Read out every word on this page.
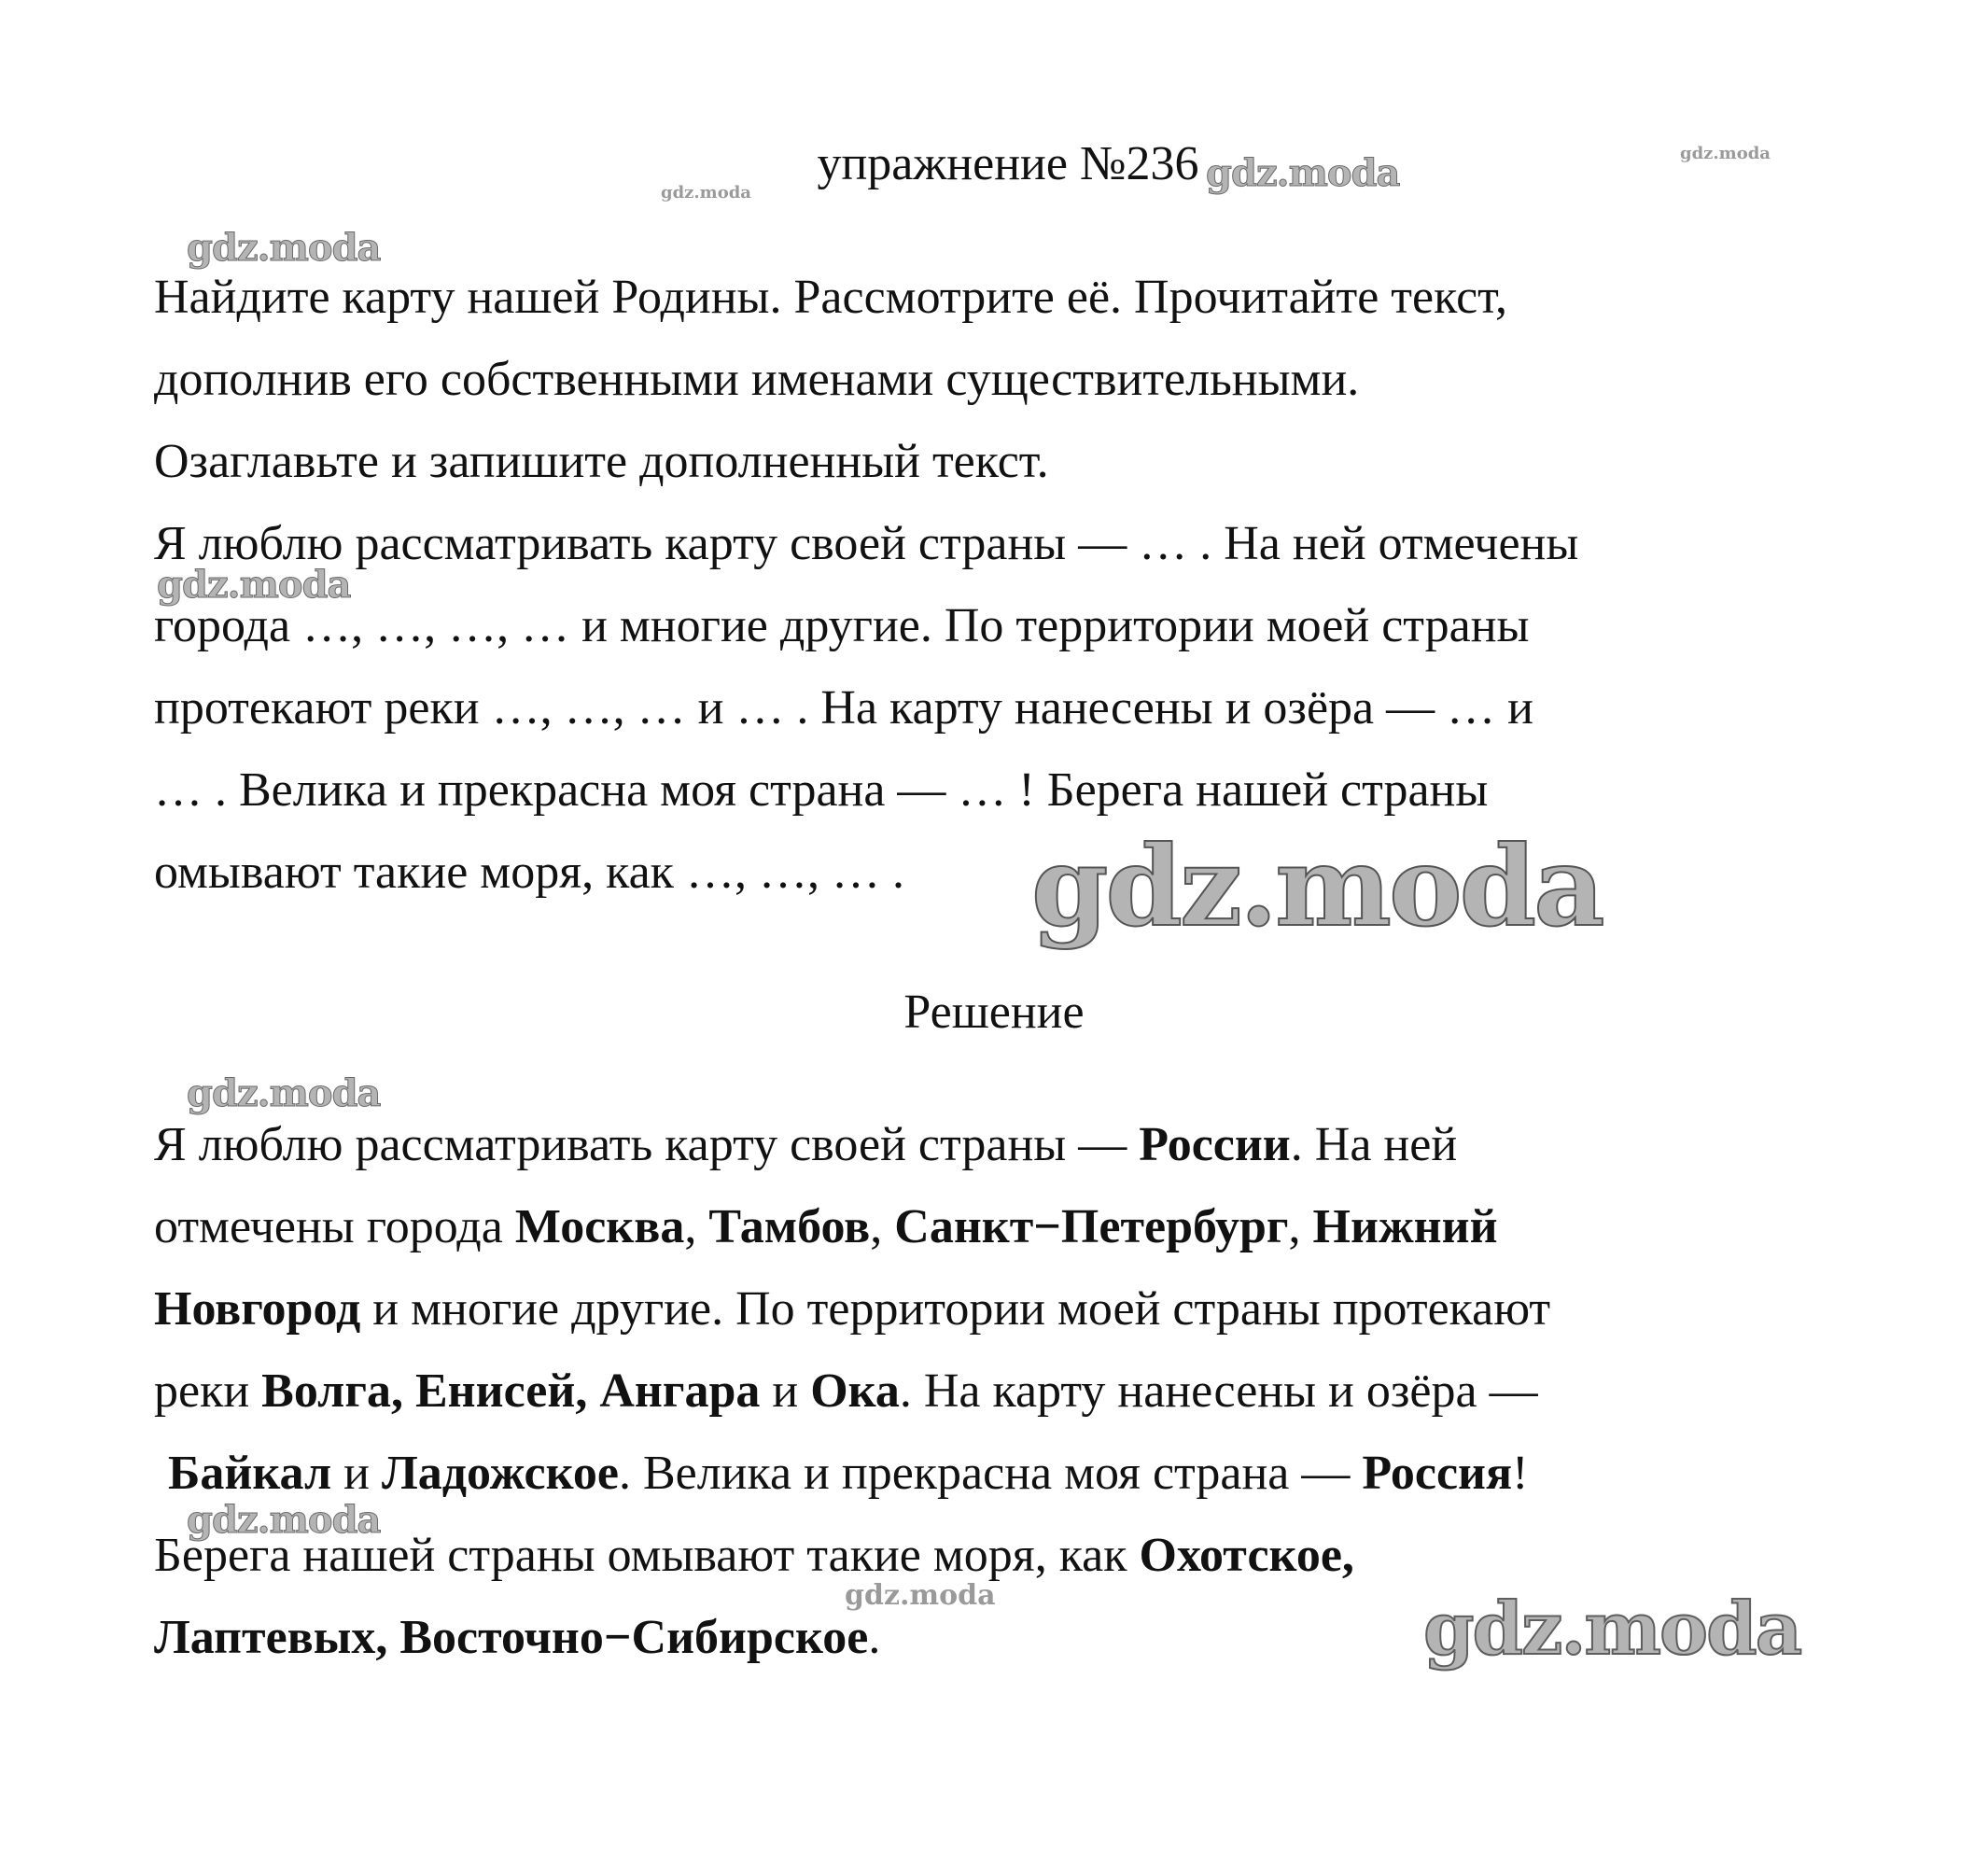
упражнение №236
Найдите карту нашей Родины. Рассмотрите её. Прочитайте текст,
дополнив его собственными именами существительными.
Озаглавьте и запишите дополненный текст.
Я люблю рассматривать карту своей страны — … . На ней отмечены
города …, …, …, … и многие другие. По территории моей страны
протекают реки …, …, … и … . На карту нанесены и озёра — … и
… . Велика и прекрасна моя страна — … ! Берега нашей страны
омывают такие моря, как …, …, … .
Решение
Я люблю рассматривать карту своей страны — России. На ней
отмечены города Москва, Тамбов, Санкт−Петербург, Нижний
Новгород и многие другие. По территории моей страны протекают
реки Волга, Енисей, Ангара и Ока. На карту нанесены и озёра —
Байкал и Ладожское. Велика и прекрасна моя страна — Россия!
Берега нашей страны омывают такие моря, как Охотское,
Лаптевых, Восточно−Сибирское.
gdz.moda	gdz.moda	gdz.moda
gdz.moda
gdz.moda
gdz.moda
gdz.moda
gdz.moda
gdz.moda	gdz.moda
